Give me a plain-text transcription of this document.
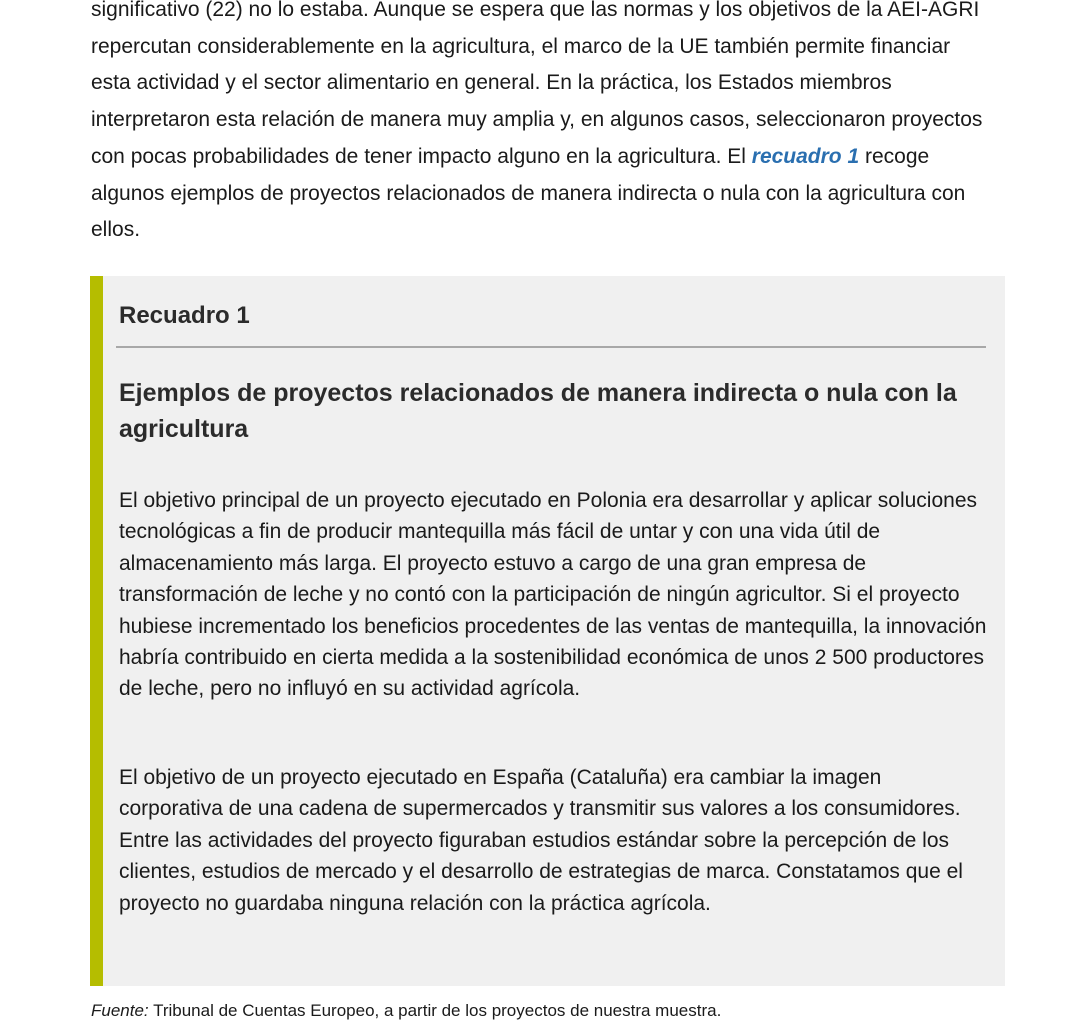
significativo (22) no lo estaba. Aunque se espera que las normas y los objetivos de la AEI-AGRI repercutan considerablemente en la agricultura, el marco de la UE también permite financiar esta actividad y el sector alimentario en general. En la práctica, los Estados miembros interpretaron esta relación de manera muy amplia y, en algunos casos, seleccionaron proyectos con pocas probabilidades de tener impacto alguno en la agricultura. El recuadro 1 recoge algunos ejemplos de proyectos relacionados de manera indirecta o nula con la agricultura con ellos.

Recuadro 1

Ejemplos de proyectos relacionados de manera indirecta o nula con la agricultura

El objetivo principal de un proyecto ejecutado en Polonia era desarrollar y aplicar soluciones tecnológicas a fin de producir mantequilla más fácil de untar y con una vida útil de almacenamiento más larga. El proyecto estuvo a cargo de una gran empresa de transformación de leche y no contó con la participación de ningún agricultor. Si el proyecto hubiese incrementado los beneficios procedentes de las ventas de mantequilla, la innovación habría contribuido en cierta medida a la sostenibilidad económica de unos 2 500 productores de leche, pero no influyó en su actividad agrícola.

El objetivo de un proyecto ejecutado en España (Cataluña) era cambiar la imagen corporativa de una cadena de supermercados y transmitir sus valores a los consumidores. Entre las actividades del proyecto figuraban estudios estándar sobre la percepción de los clientes, estudios de mercado y el desarrollo de estrategias de marca. Constatamos que el proyecto no guardaba ninguna relación con la práctica agrícola.

Fuente: Tribunal de Cuentas Europeo, a partir de los proyectos de nuestra muestra.
